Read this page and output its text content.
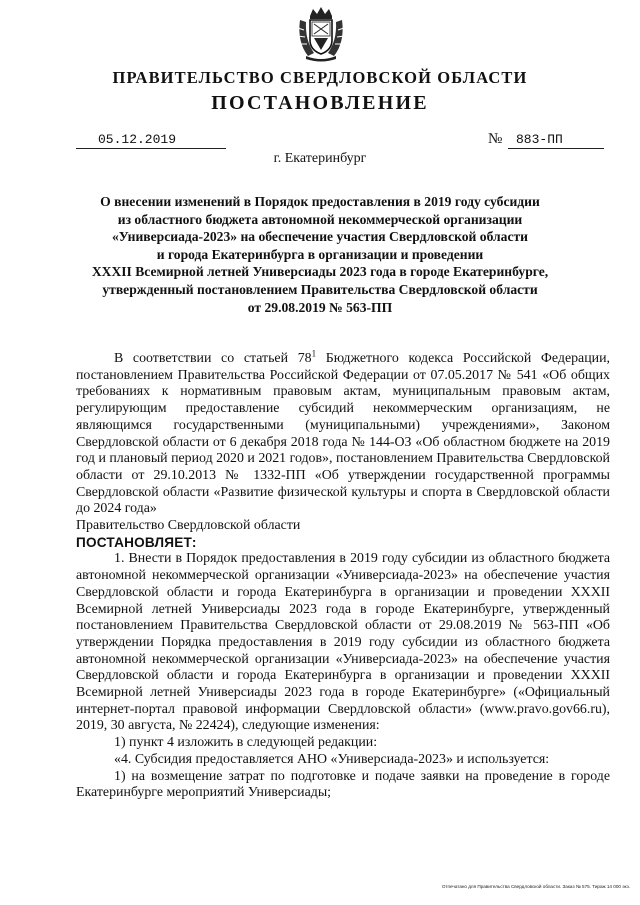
ПРАВИТЕЛЬСТВО СВЕРДЛОВСКОЙ ОБЛАСТИ
ПОСТАНОВЛЕНИЕ
05.12.2019	№	883-ПП
г. Екатеринбург
О внесении изменений в Порядок предоставления в 2019 году субсидии
из областного бюджета автономной некоммерческой организации
«Универсиада-2023» на обеспечение участия Свердловской области
и города Екатеринбурга в организации и проведении
XXXII Всемирной летней Универсиады 2023 года в городе Екатеринбурге,
утвержденный постановлением Правительства Свердловской области
от 29.08.2019 № 563-ПП

В соответствии со статьей $78^1$ Бюджетного кодекса Российской Федерации, постановлением Правительства Российской Федерации от 07.05.2017 № 541 «Об общих требованиях к нормативным правовым актам, муниципальным правовым актам, регулирующим предоставление субсидий некоммерческим организациям, не являющимся государственными (муниципальными) учреждениями», Законом Свердловской области от 6 декабря 2018 года № 144-ОЗ «Об областном бюджете на 2019 год и плановый период 2020 и 2021 годов», постановлением Правительства Свердловской области от 29.10.2013 № 1332-ПП «Об утверждении государственной программы Свердловской области «Развитие физической культуры и спорта в Свердловской области до 2024 года»

Правительство Свердловской области

ПОСТАНОВЛЯЕТ:

1. Внести в Порядок предоставления в 2019 году субсидии из областного бюджета автономной некоммерческой организации «Универсиада-2023» на обеспечение участия Свердловской области и города Екатеринбурга в организации и проведении XXXII Всемирной летней Универсиады 2023 года в городе Екатеринбурге, утвержденный постановлением Правительства Свердловской области от 29.08.2019 № 563-ПП «Об утверждении Порядка предоставления в 2019 году субсидии из областного бюджета автономной некоммерческой организации «Универсиада-2023» на обеспечение участия Свердловской области и города Екатеринбурга в организации и проведении XXXII Всемирной летней Универсиады 2023 года в городе Екатеринбурге» («Официальный интернет-портал правовой информации Свердловской области» (www.pravo.gov66.ru), 2019, 30 августа, № 22424), следующие изменения:

1) пункт 4 изложить в следующей редакции:

«4. Субсидия предоставляется АНО «Универсиада-2023» и используется:

1) на возмещение затрат по подготовке и подаче заявки на проведение в городе Екатеринбурге мероприятий Универсиады;

Отпечатано для Правительства Свердловской области. Заказ № 575. Тираж 14 000 экз.
